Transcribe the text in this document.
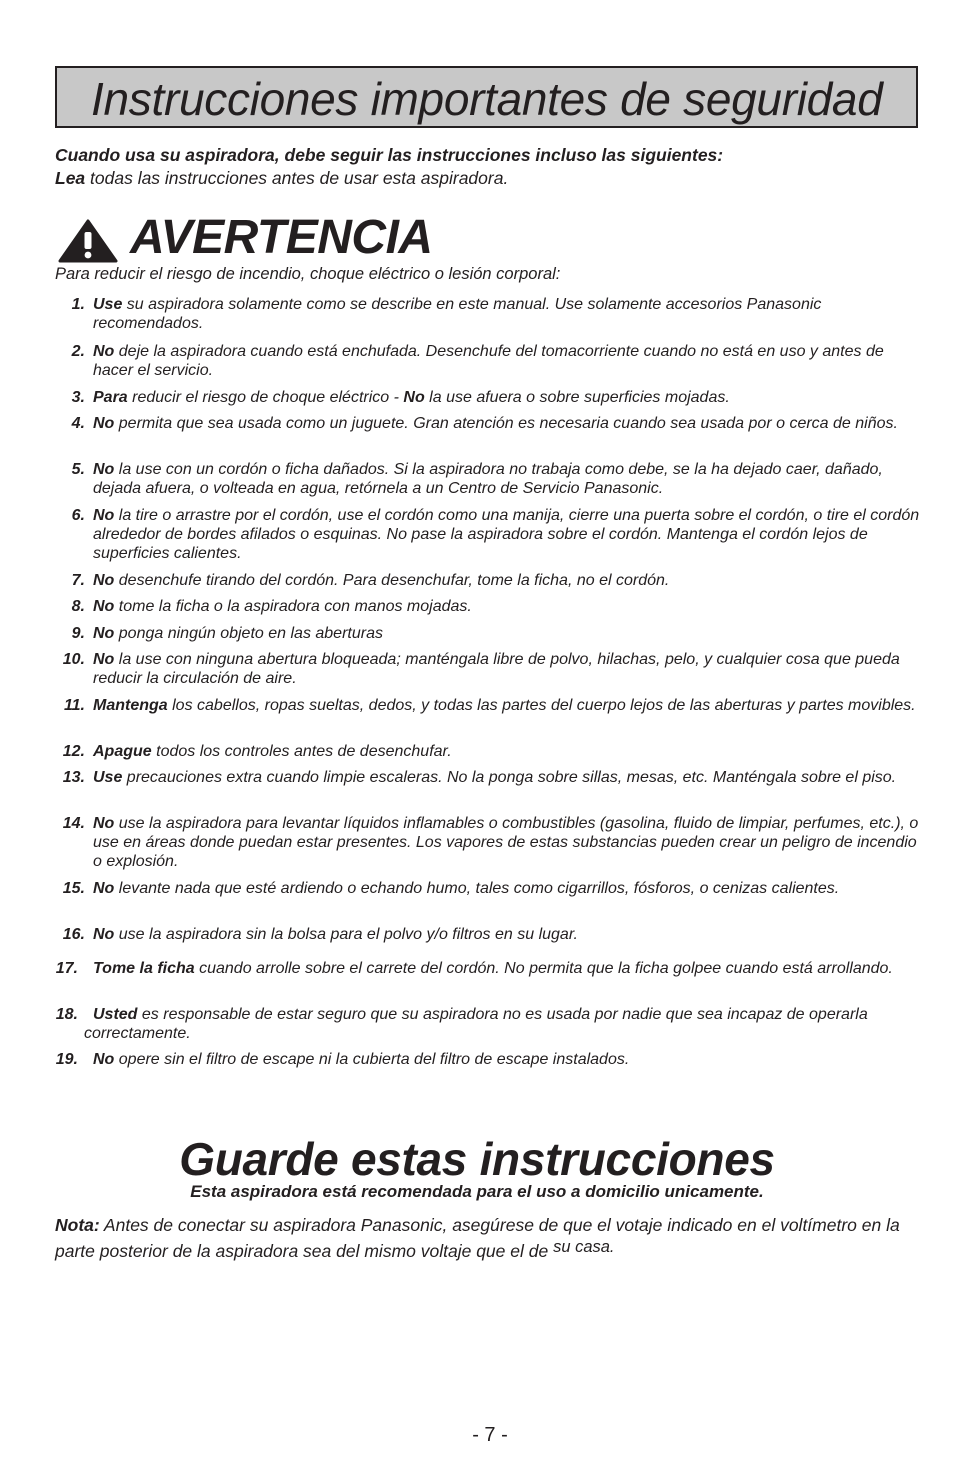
Instrucciones importantes de seguridad
Cuando usa su aspiradora, debe seguir las instrucciones incluso las siguientes:
Lea todas las instrucciones antes de usar esta aspiradora.
AVERTENCIA
Para reducir el riesgo de incendio, choque eléctrico o lesión corporal:
1. Use su aspiradora solamente como se describe en este manual. Use solamente accesorios Panasonic recomendados.
2. No deje la aspiradora cuando está enchufada. Desenchufe del tomacorriente cuando no está en uso y antes de hacer el servicio.
3. Para reducir el riesgo de choque eléctrico - No la use afuera o sobre superficies mojadas.
4. No permita que sea usada como un juguete. Gran atención es necesaria cuando sea usada por o cerca de niños.
5. No la use con un cordón o ficha dañados. Si la aspiradora no trabaja como debe, se la ha dejado caer, dañado, dejada afuera, o volteada en agua, retórnela a un Centro de Servicio Panasonic.
6. No la tire o arrastre por el cordón, use el cordón como una manija, cierre una puerta sobre el cordón, o tire el cordón alrededor de bordes afilados o esquinas. No pase la aspiradora sobre el cordón. Mantenga el cordón lejos de superficies calientes.
7. No desenchufe tirando del cordón. Para desenchufar, tome la ficha, no el cordón.
8. No tome la ficha o la aspiradora con manos mojadas.
9. No ponga ningún objeto en las aberturas
10. No la use con ninguna abertura bloqueada; manténgala libre de polvo, hilachas, pelo, y cualquier cosa que pueda reducir la circulación de aire.
11. Mantenga los cabellos, ropas sueltas, dedos, y todas las partes del cuerpo lejos de las aberturas y partes movibles.
12. Apague todos los controles antes de desenchufar.
13. Use precauciones extra cuando limpie escaleras. No la ponga sobre sillas, mesas, etc. Manténgala sobre el piso.
14. No use la aspiradora para levantar líquidos inflamables o combustibles (gasolina, fluido de limpiar, perfumes, etc.), o use en áreas donde puedan estar presentes. Los vapores de estas substancias pueden crear un peligro de incendio o explosión.
15. No levante nada que esté ardiendo o echando humo, tales como cigarrillos, fósforos, o cenizas calientes.
16. No use la aspiradora sin la bolsa para el polvo y/o filtros en su lugar.
17. Tome la ficha cuando arrolle sobre el carrete del cordón. No permita que la ficha golpee cuando está arrollando.
18. Usted es responsable de estar seguro que su aspiradora no es usada por nadie que sea incapaz de operarla correctamente.
19. No opere sin el filtro de escape ni la cubierta del filtro de escape instalados.
Guarde estas instrucciones
Esta aspiradora está recomendada para el uso a domicilio unicamente.
Nota: Antes de conectar su aspiradora Panasonic, asegúrese de que el votaje indicado en el voltímetro en la parte posterior de la aspiradora sea del mismo voltaje que el de $^{su casa.}$
- 7 -
